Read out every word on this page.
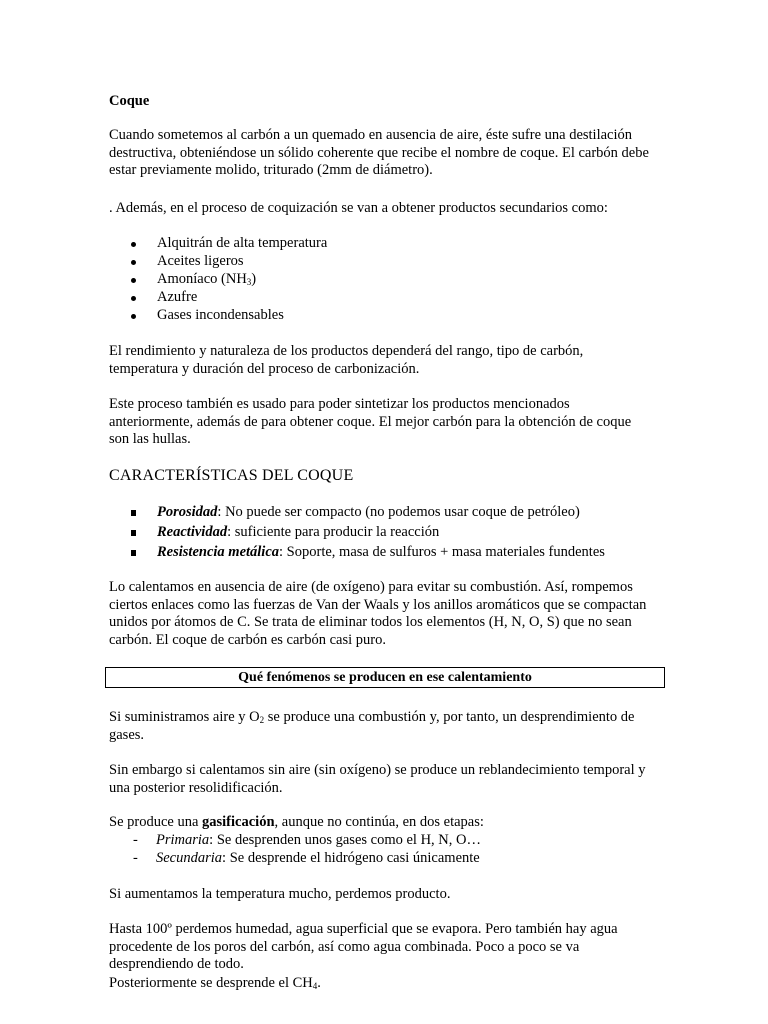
Coque

Cuando sometemos al carbón a un quemado en ausencia de aire, éste sufre una destilación destructiva, obteniéndose un sólido coherente que recibe el nombre de coque. El carbón debe estar previamente molido, triturado (2mm de diámetro).

. Además, en el proceso de coquización se van a obtener productos secundarios como:

Alquitrán de alta temperatura
Aceites ligeros
Amoníaco $(NH_3)$
Azufre
Gases incondensables

El rendimiento y naturaleza de los productos dependerá del rango, tipo de carbón, temperatura y duración del proceso de carbonización.

Este proceso también es usado para poder sintetizar los productos mencionados anteriormente, además de para obtener coque. El mejor carbón para la obtención de coque son las hullas.

CARACTERÍSTICAS DEL COQUE

Porosidad: No puede ser compacto (no podemos usar coque de petróleo)
Reactividad: suficiente para producir la reacción
Resistencia metálica: Soporte, masa de sulfuros + masa materiales fundentes

Lo calentamos en ausencia de aire (de oxígeno) para evitar su combustión. Así, rompemos ciertos enlaces como las fuerzas de Van der Waals y los anillos aromáticos que se compactan unidos por átomos de C. Se trata de eliminar todos los elementos (H, N, O, S) que no sean carbón. El coque de carbón es carbón casi puro.

Qué fenómenos se producen en ese calentamiento

Si suministramos aire y $O_2$ se produce una combustión y, por tanto, un desprendimiento de gases.

Sin embargo si calentamos sin aire (sin oxígeno) se produce un reblandecimiento temporal y una posterior resolidificación.

Se produce una gasificación, aunque no continúa, en dos etapas:

- Primaria: Se desprenden unos gases como el H, N, O…
- Secundaria: Se desprende el hidrógeno casi únicamente

Si aumentamos la temperatura mucho, perdemos producto.

Hasta 100º perdemos humedad, agua superficial que se evapora. Pero también hay agua procedente de los poros del carbón, así como agua combinada. Poco a poco se va desprendiendo de todo.

Posteriormente se desprende el $CH_4$.
